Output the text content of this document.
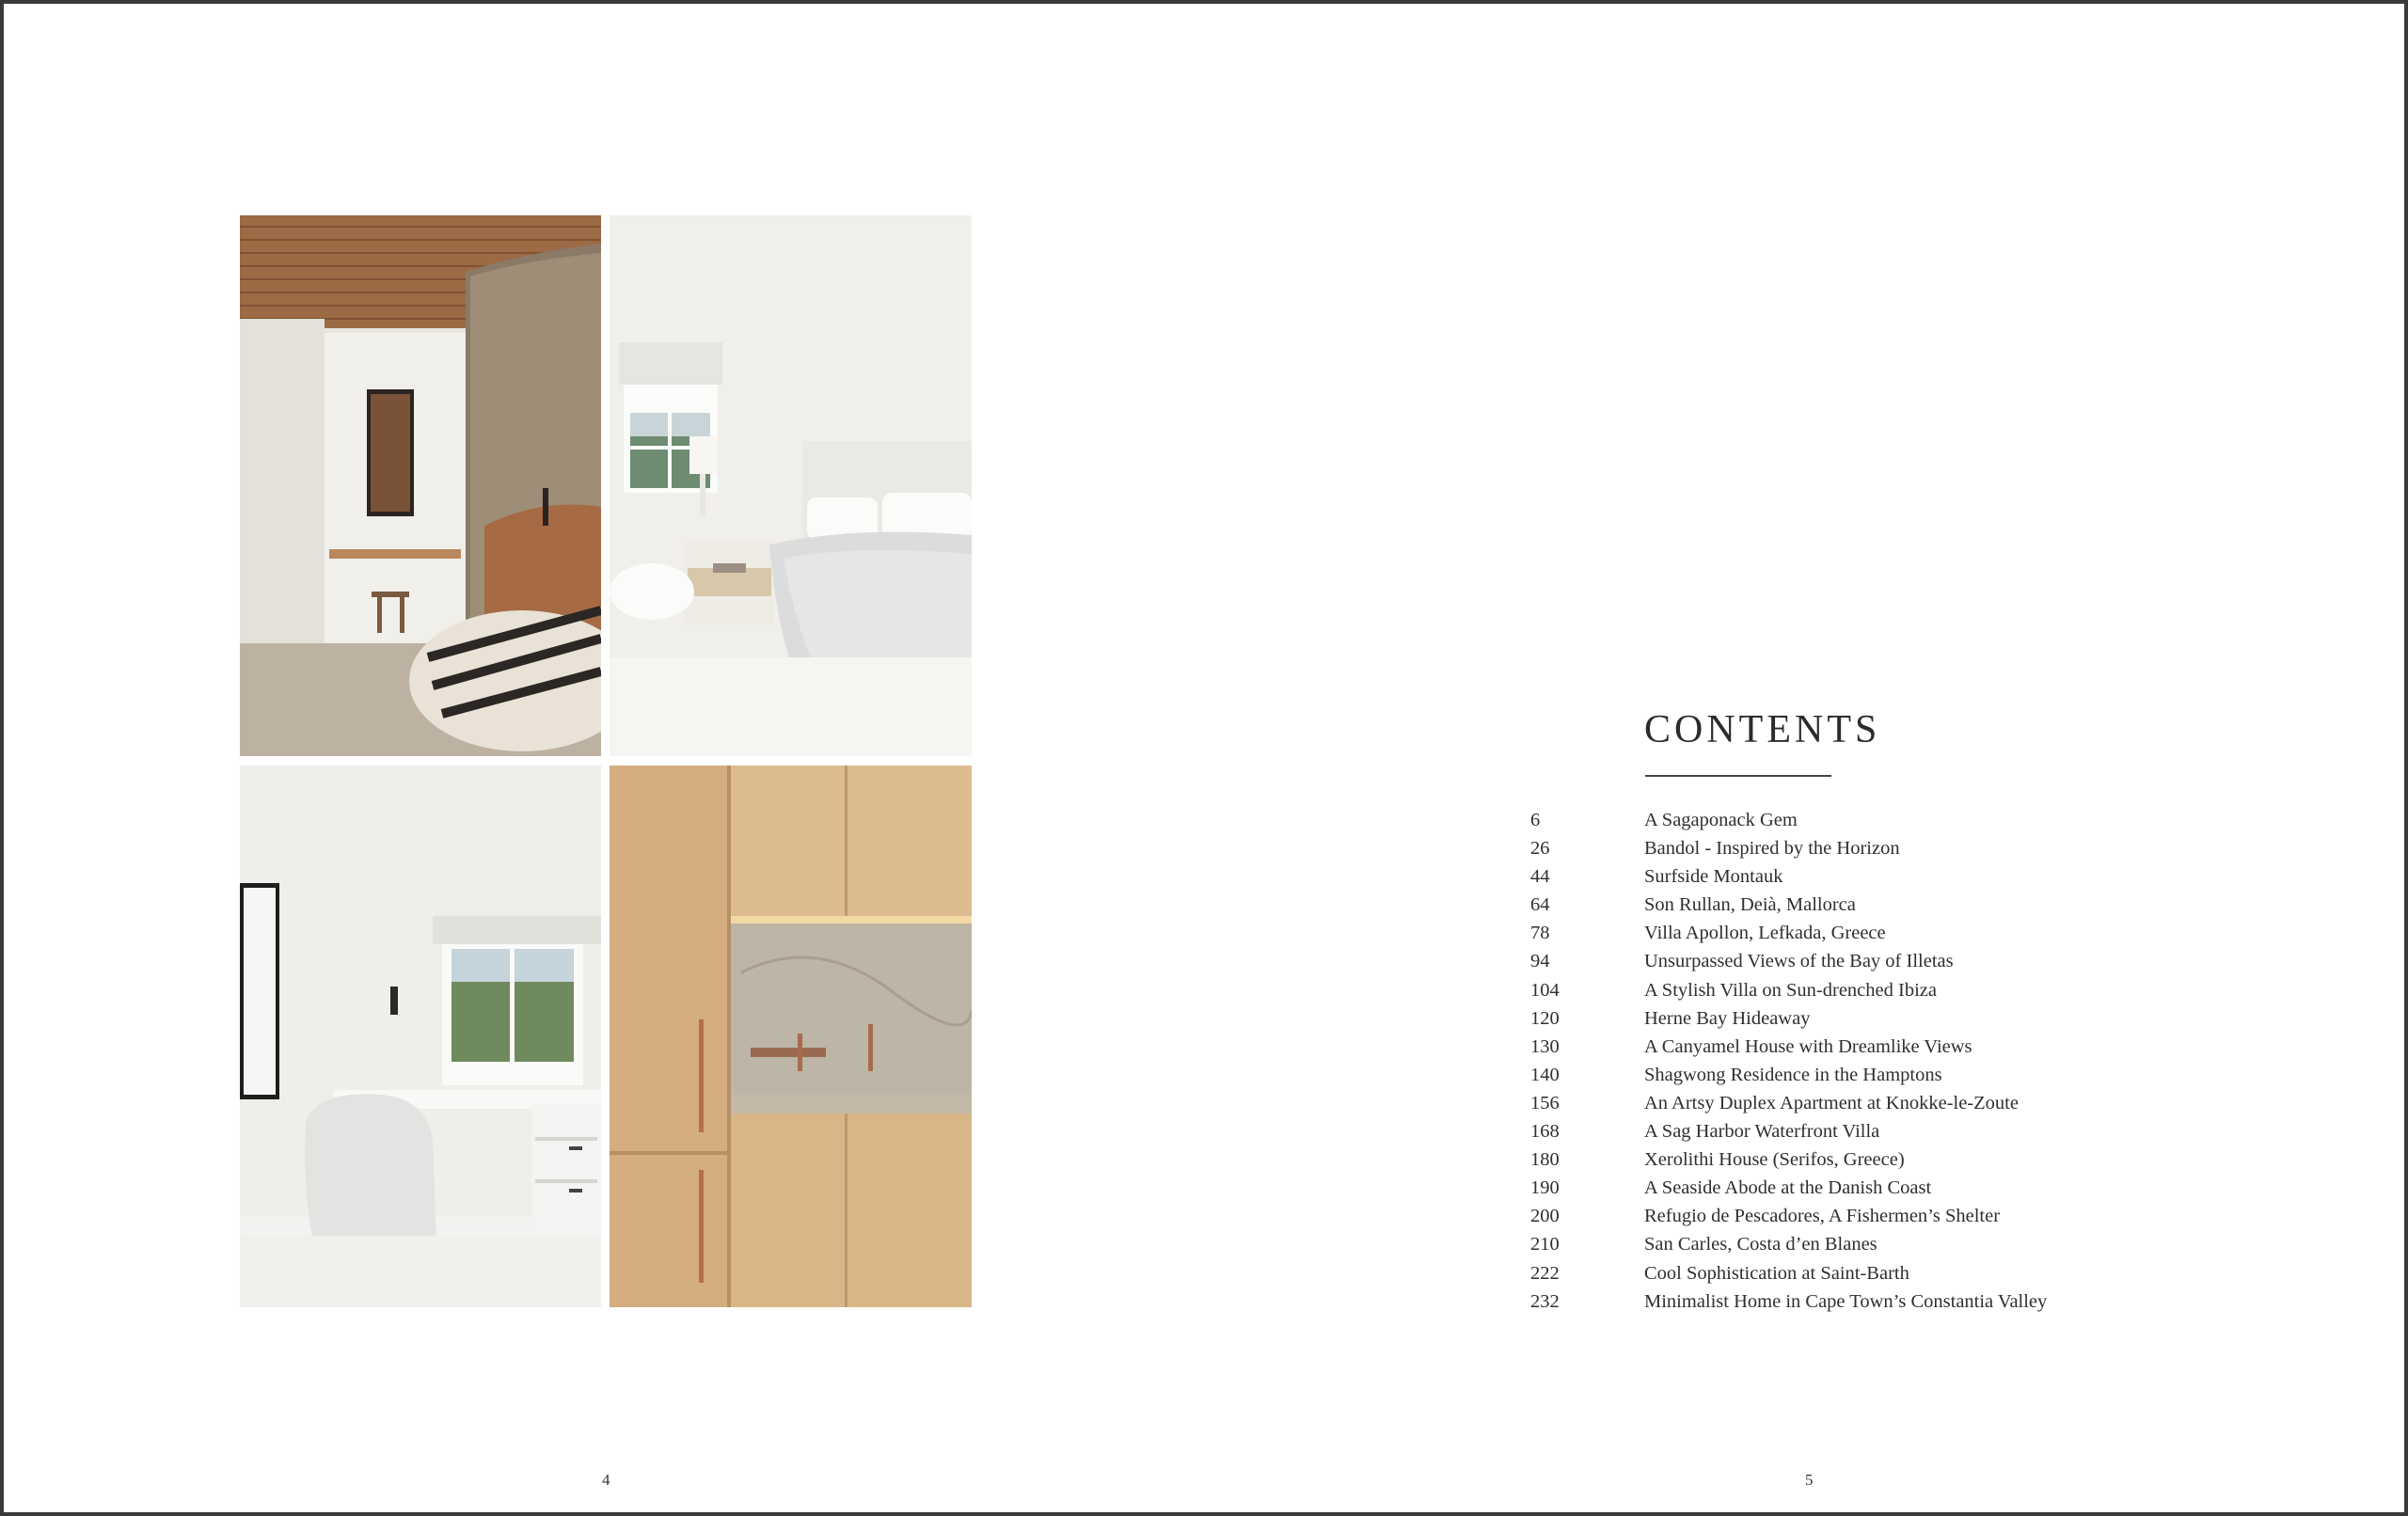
CONTENTS
6	A Sagaponack Gem
26	Bandol - Inspired by the Horizon
44	Surfside Montauk
64	Son Rullan, Deià, Mallorca
78	Villa Apollon, Lefkada, Greece
94	Unsurpassed Views of the Bay of Illetas
104	A Stylish Villa on Sun-drenched Ibiza
120	Herne Bay Hideaway
130	A Canyamel House with Dreamlike Views
140	Shagwong Residence in the Hamptons
156	An Artsy Duplex Apartment at Knokke-le-Zoute
168	A Sag Harbor Waterfront Villa
180	Xerolithi House (Serifos, Greece)
190	A Seaside Abode at the Danish Coast
200	Refugio de Pescadores, A Fishermen’s Shelter
210	San Carles, Costa d’en Blanes
222	Cool Sophistication at Saint-Barth
232	Minimalist Home in Cape Town’s Constantia Valley
4	5
